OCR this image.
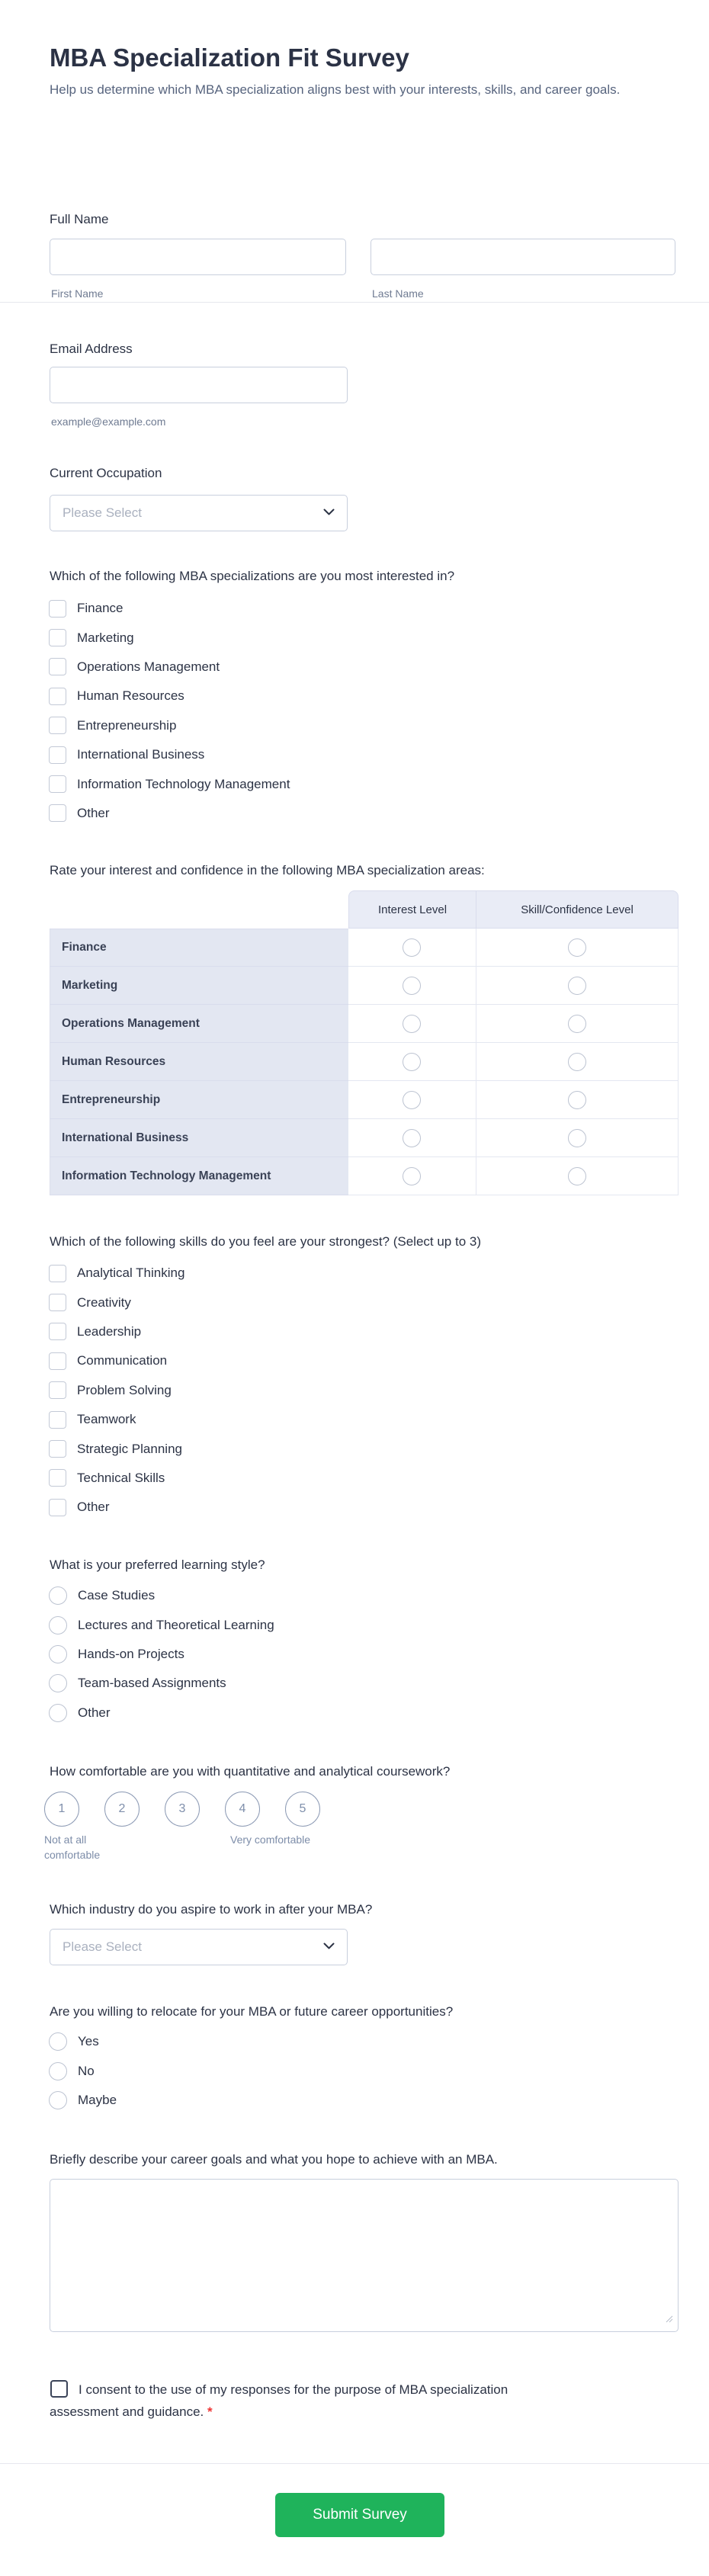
MBA Specialization Fit Survey
Help us determine which MBA specialization aligns best with your interests, skills, and career goals.
Full Name
First Name	Last Name
Email Address
example@example.com
Current Occupation
Please Select
Which of the following MBA specializations are you most interested in?
Finance
Marketing
Operations Management
Human Resources
Entrepreneurship
International Business
Information Technology Management
Other
Rate your interest and confidence in the following MBA specialization areas:
Interest Level	Skill/Confidence Level
Finance
Marketing
Operations Management
Human Resources
Entrepreneurship
International Business
Information Technology Management
Which of the following skills do you feel are your strongest? (Select up to 3)
Analytical Thinking
Creativity
Leadership
Communication
Problem Solving
Teamwork
Strategic Planning
Technical Skills
Other
What is your preferred learning style?
Case Studies
Lectures and Theoretical Learning
Hands-on Projects
Team-based Assignments
Other
How comfortable are you with quantitative and analytical coursework?
1	2	3	4	5
Not at all comfortable
Very comfortable
Which industry do you aspire to work in after your MBA?
Please Select
Are you willing to relocate for your MBA or future career opportunities?
Yes
No
Maybe
Briefly describe your career goals and what you hope to achieve with an MBA.
I consent to the use of my responses for the purpose of MBA specialization assessment and guidance. *
Submit Survey
